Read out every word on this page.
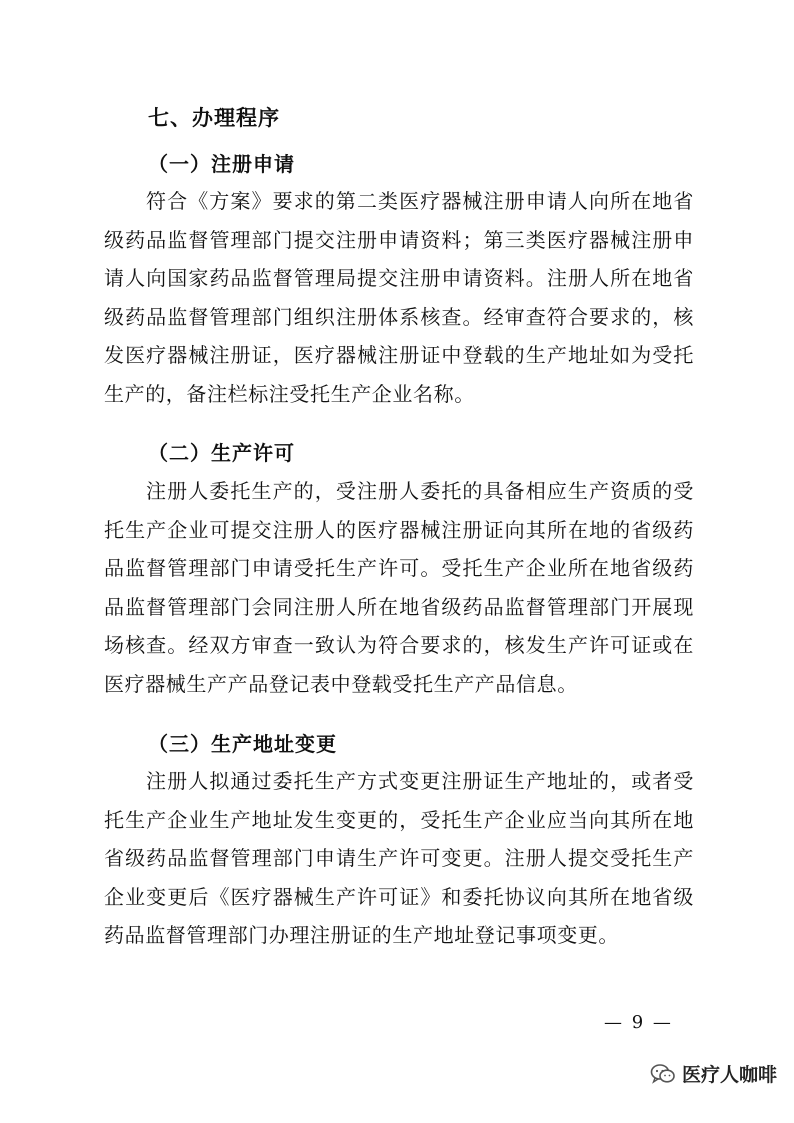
七、办理程序
（一）注册申请
符合《方案》要求的第二类医疗器械注册申请人向所在地省级药品监督管理部门提交注册申请资料；第三类医疗器械注册申请人向国家药品监督管理局提交注册申请资料。注册人所在地省级药品监督管理部门组织注册体系核查。经审查符合要求的，核发医疗器械注册证，医疗器械注册证中登载的生产地址如为受托生产的，备注栏标注受托生产企业名称。
（二）生产许可
注册人委托生产的，受注册人委托的具备相应生产资质的受托生产企业可提交注册人的医疗器械注册证向其所在地的省级药品监督管理部门申请受托生产许可。受托生产企业所在地省级药品监督管理部门会同注册人所在地省级药品监督管理部门开展现场核查。经双方审查一致认为符合要求的，核发生产许可证或在医疗器械生产产品登记表中登载受托生产产品信息。
（三）生产地址变更
注册人拟通过委托生产方式变更注册证生产地址的，或者受托生产企业生产地址发生变更的，受托生产企业应当向其所在地省级药品监督管理部门申请生产许可变更。注册人提交受托生产企业变更后《医疗器械生产许可证》和委托协议向其所在地省级药品监督管理部门办理注册证的生产地址登记事项变更。
— 9 —
医疗人咖啡
